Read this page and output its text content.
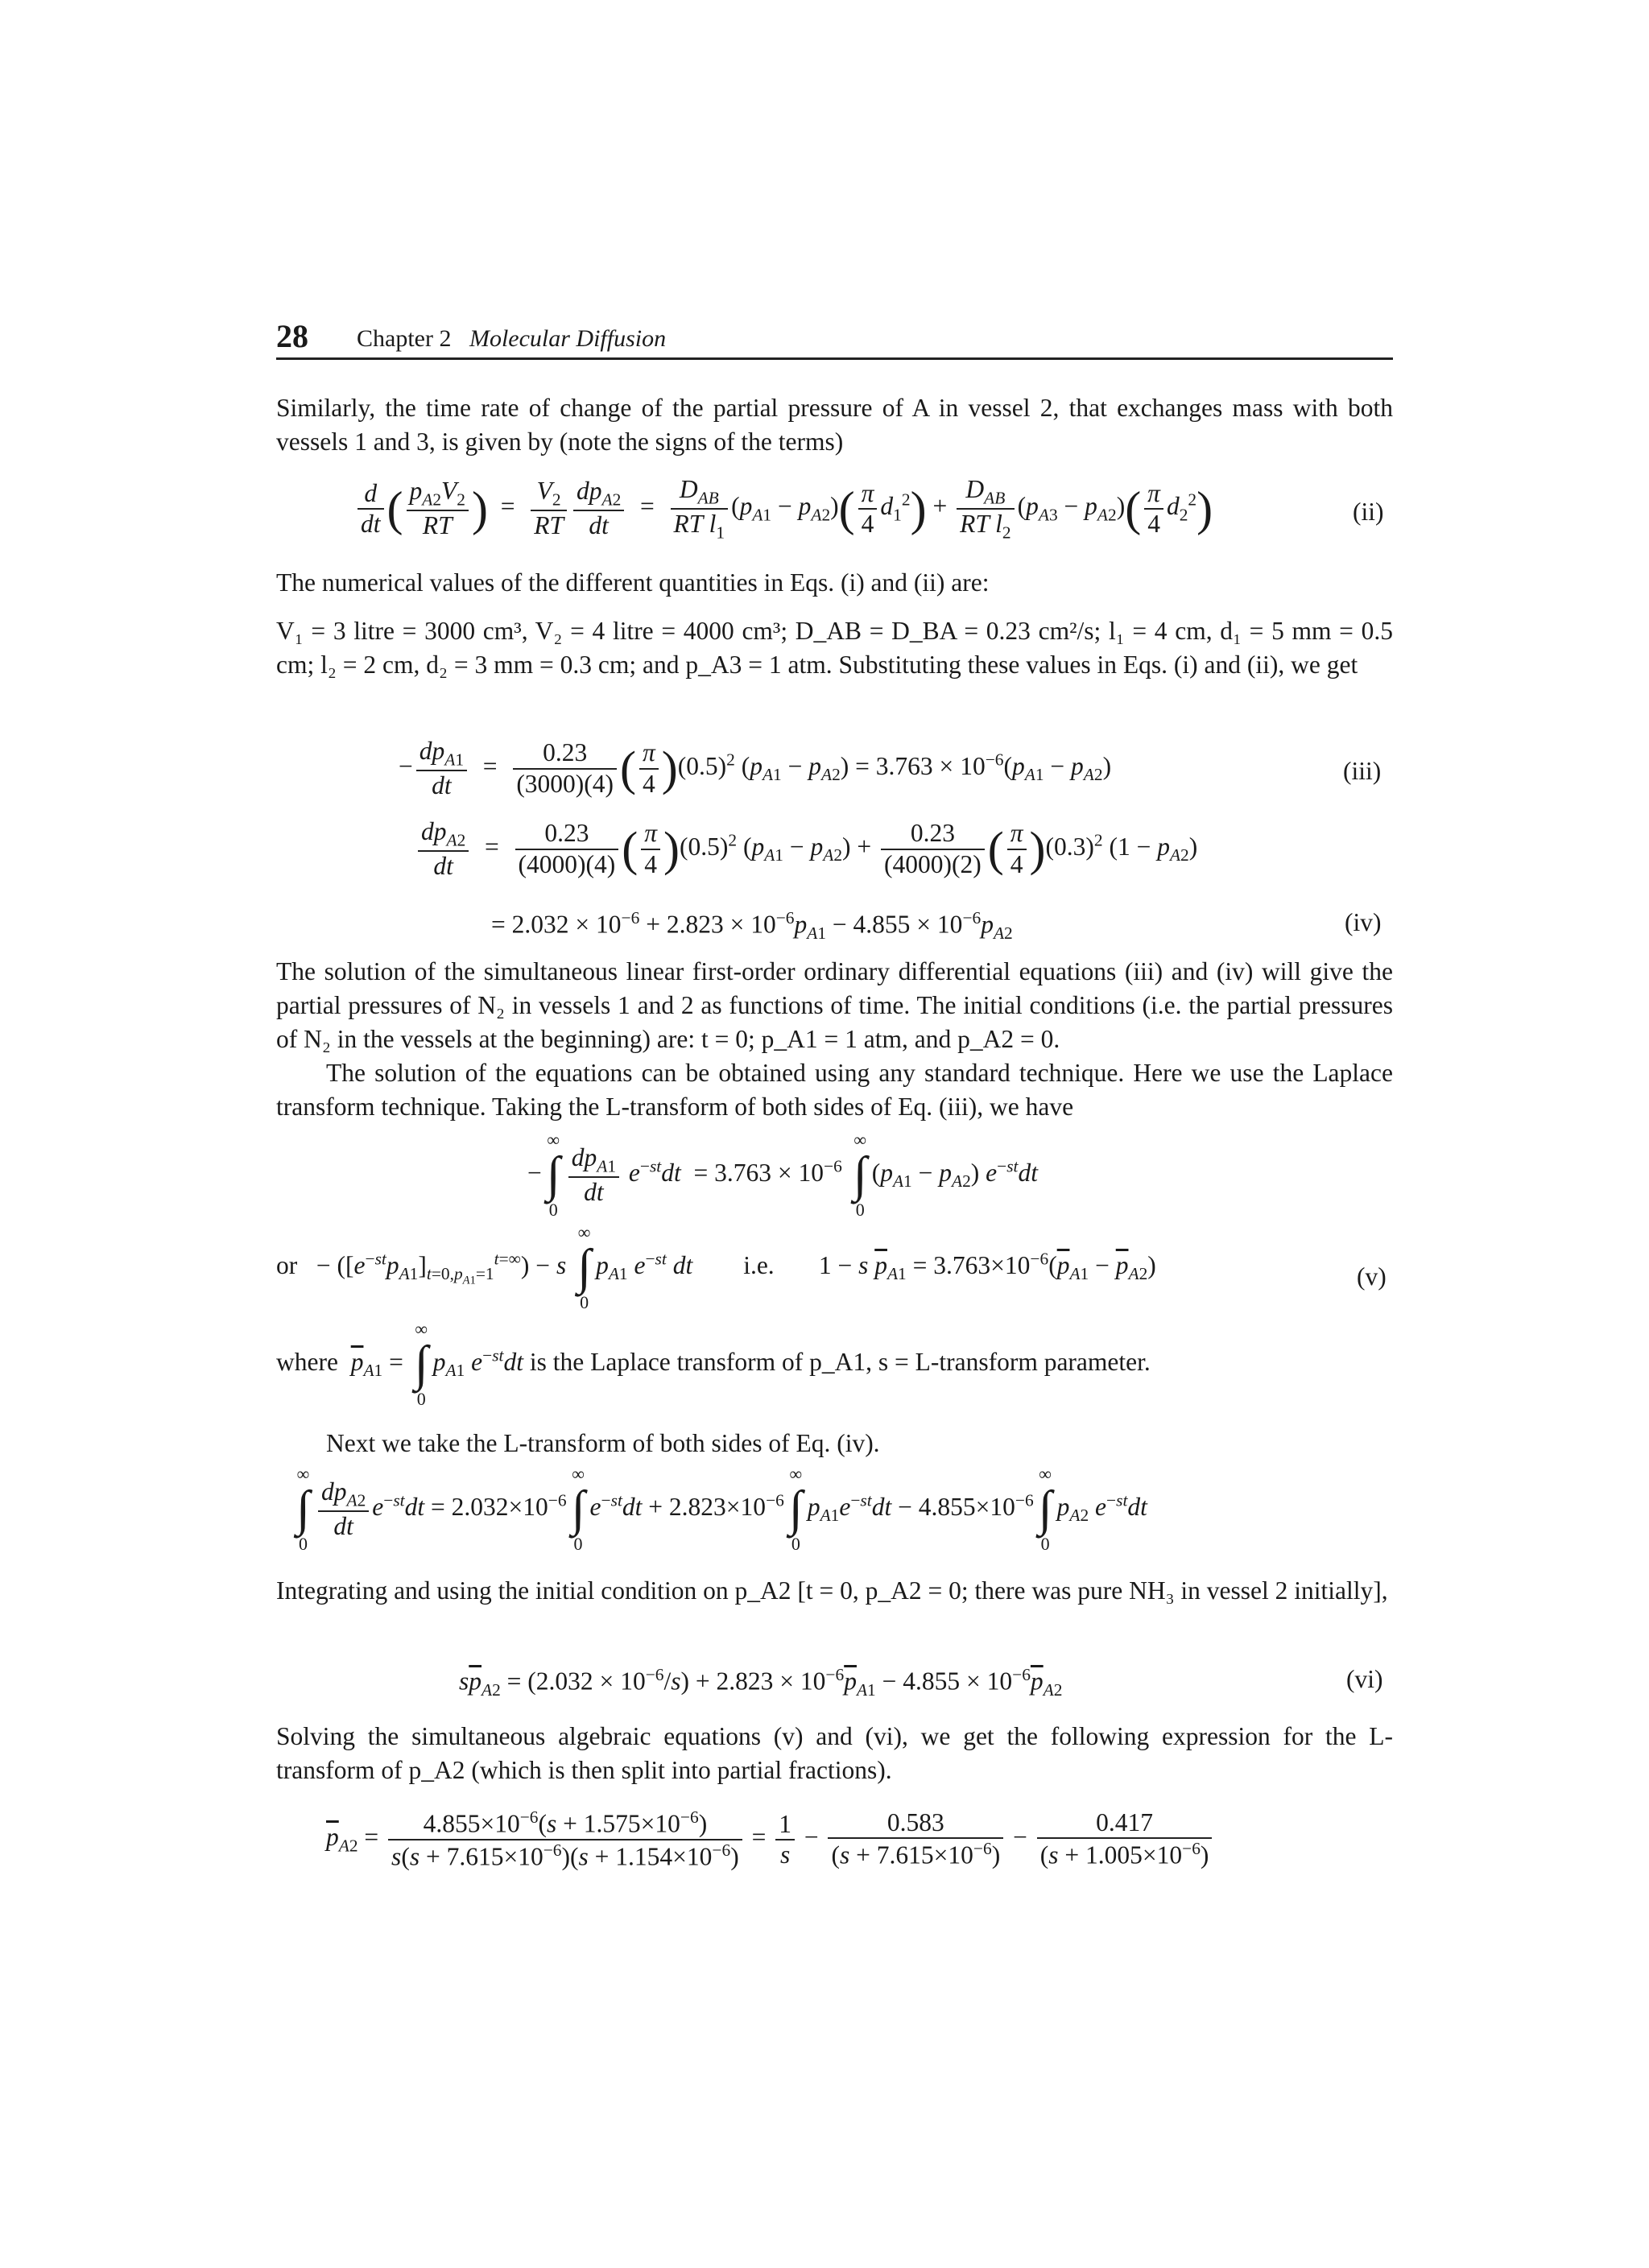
28 Chapter 2 Molecular Diffusion
Similarly, the time rate of change of the partial pressure of A in vessel 2, that exchanges mass with both vessels 1 and 3, is given by (note the signs of the terms)
$\frac{d}{dt}$ ( $\frac{p_{A2}V_2}{RT}$ )  = $\frac{V_2}{RT} dp_{A2}$
dt
=
$D_{AB}$
RT $l_1$
$(p_{A1} - p_{A2})( \frac{\pi}{4} d_1^2)$ +
$D_{AB}$
RT $l_2$
$(p_{A3} - p_{A2})( \frac{\pi}{4} d_2^2)$	(ii)
The numerical values of the different quantities in Eqs. (i) and (ii) are:
V₁ = 3 litre = 3000 cm³, V₂ = 4 litre = 4000 cm³; D_AB = D_BA = 0.23 cm²/s; l₁ = 4 cm, d₁ = 5 mm = 0.5 cm; l₂ = 2 cm, d₂ = 3 mm = 0.3 cm; and p_A3 = 1 atm. Substituting these values in Eqs. (i) and (ii), we get
−
$dp_{A1}$
dt
= $\frac{0.23}{(3000)(4)}$ ( $\frac{\pi}{4} )(0.5)^2$ $(p_{A1} - p_{A2}) = 3.763 \times 10^{-6}(p_{A1} - p_{A2})$	(iii)
$dp_{A2}$
dt
= $\frac{0.23}{(4000)(4)}$ ( $\frac{\pi}{4} )(0.5)^2$ $(p_{A1} - p_{A2}) + \frac{0.23}{(4000)(2)}$ ( $\frac{\pi}{4} )(0.3)^2$ $(1 - p_{A2})$
= $2.032 \times 10^{-6} + 2.823 \times 10^{-6}p_{A1} - 4.855 \times 10^{-6}p_{A2}$	(iv)
The solution of the simultaneous linear first-order ordinary differential equations (iii) and (iv) will give the partial pressures of N₂ in vessels 1 and 2 as functions of time. The initial conditions (i.e. the partial pressures of N₂ in the vessels at the beginning) are: t = 0; p_A1 = 1 atm, and p_A2 = 0.
The solution of the equations can be obtained using any standard technique. Here we use the Laplace transform technique. Taking the L-transform of both sides of Eq. (iii), we have
−
∞
∫
0
$dp_{A1}$
dt
$e^{-st}dt = 3.763 \times 10^{-6}$
∞
∫
0
$(p_{A1} - p_{A2})$ $e^{-st}dt$
or   − $([e^{-st}p_{A1}]_{t=0,p_{A1}=1}^{t=\infty}) - s$
∞
∫
0
$p_{A1}$ $e^{-st}$ dt i.e.       1 − s $\overline{p}_{A1} = 3.763\times 10^{-6}(\overline{p}_{A1} - \overline{p}_{A2})$	(v)
where $\overline{p}_{A1}$ =
∞
∫
0
$p_{A1}$ $e^{-st}dt$ is the Laplace transform of p_A1, s = L-transform parameter.
Next we take the L-transform of both sides of Eq. (iv).
∞
∫
0
$dp_{A2}$
dt
$e^{-st}dt = 2.032\times 10^{-6}$
∞
∫
0
$e^{-st}dt + 2.823\times 10^{-6}$
∞
∫
0
$p_{A1}e^{-st}dt - 4.855\times 10^{-6}$
∞
∫
0
$p_{A2}$ $e^{-st}dt$
Integrating and using the initial condition on p_A2 [t = 0, p_A2 = 0; there was pure NH₃ in vessel 2 initially],
$s\overline{p}_{A2} = (2.032 \times 10^{-6}/s) + 2.823 \times 10^{-6}\overline{p}_{A1} - 4.855 \times 10^{-6}\overline{p}_{A2}$	(vi)
Solving the simultaneous algebraic equations (v) and (vi), we get the following expression for the L-transform of p_A2 (which is then split into partial fractions).
$\overline{p}_{A2} = \frac{4.855\times 10^{-6}(s + 1.575\times 10^{-6})}{s(s + 7.615\times 10^{-6})(s + 1.154\times 10^{-6})} = \frac{1}{s} - \frac{0.583}{(s + 7.615\times 10^{-6})} - \frac{0.417}{(s + 1.005\times 10^{-6})}$
